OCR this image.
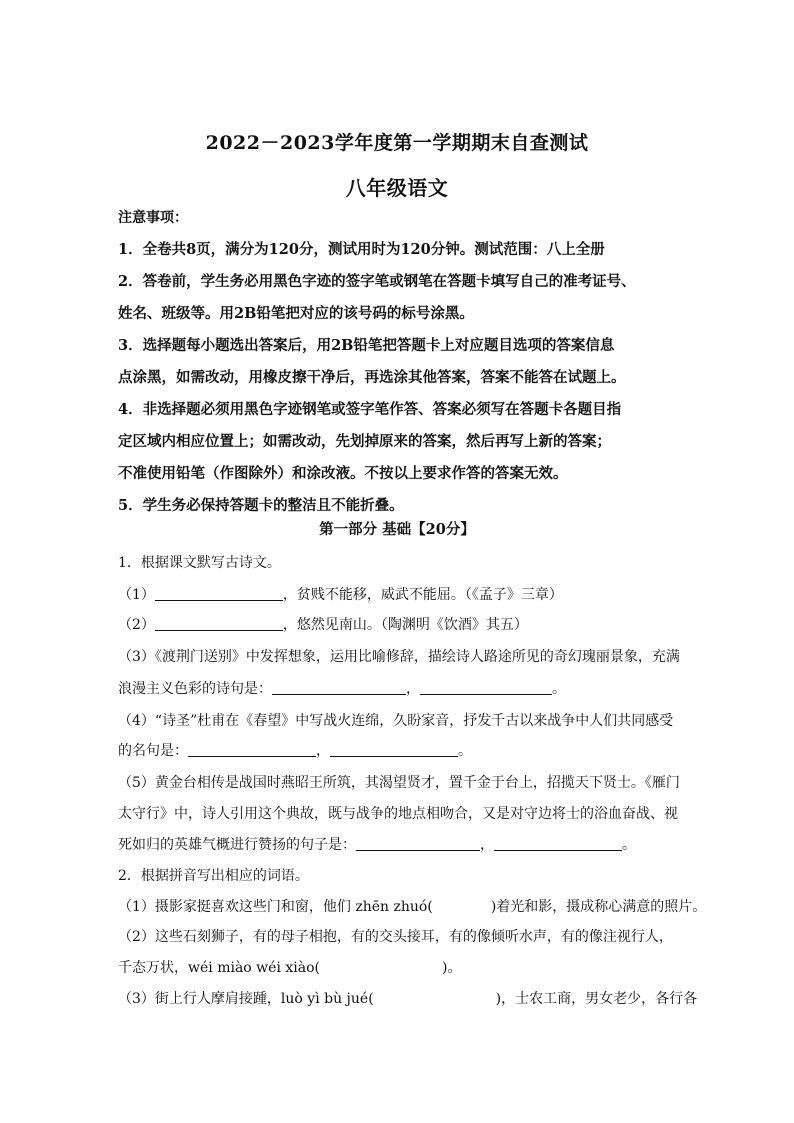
2022－2023学年度第一学期期末自查测试
八年级语文
注意事项：
1．全卷共8页，满分为120分，测试用时为120分钟。测试范围：八上全册
2．答卷前，学生务必用黑色字迹的签字笔或钢笔在答题卡填写自己的准考证号、
姓名、班级等。用2B铅笔把对应的该号码的标号涂黑。
3．选择题每小题选出答案后，用2B铅笔把答题卡上对应题目选项的答案信息
点涂黑，如需改动，用橡皮擦干净后，再选涂其他答案，答案不能答在试题上。
4．非选择题必须用黑色字迹钢笔或签字笔作答、答案必须写在答题卡各题目指
定区域内相应位置上；如需改动，先划掉原来的答案，然后再写上新的答案；
不准使用铅笔（作图除外）和涂改液。不按以上要求作答的答案无效。
5．学生务必保持答题卡的整洁且不能折叠。
第一部分 基础【20分】
1．根据课文默写古诗文。
（1）	，贫贱不能移，威武不能屈。（《孟子》三章）
（2）	，悠然见南山。（陶渊明《饮酒》其五）
（3）《渡荆门送别》中发挥想象，运用比喻修辞，描绘诗人路途所见的奇幻瑰丽景象，充满
浪漫主义色彩的诗句是：	，	。
（4）“诗圣”杜甫在《春望》中写战火连绵，久盼家音，抒发千古以来战争中人们共同感受
的名句是：	，	。
（5）黄金台相传是战国时燕昭王所筑，其渴望贤才，置千金于台上，招揽天下贤士。《雁门
太守行》中，诗人引用这个典故，既与战争的地点相吻合，又是对守边将士的浴血奋战、视
死如归的英雄气概进行赞扬的句子是：	，	。
2．根据拼音写出相应的词语。
（1）摄影家挺喜欢这些门和窗，他们 zhēn zhuó(	)着光和影，摄成称心满意的照片。
（2）这些石刻狮子，有的母子相抱，有的交头接耳，有的像倾听水声，有的像注视行人，
千态万状，wéi miào wéi xiào(	)。
（3）街上行人摩肩接踵，luò yì bù jué(	)，士农工商，男女老少，各行各
